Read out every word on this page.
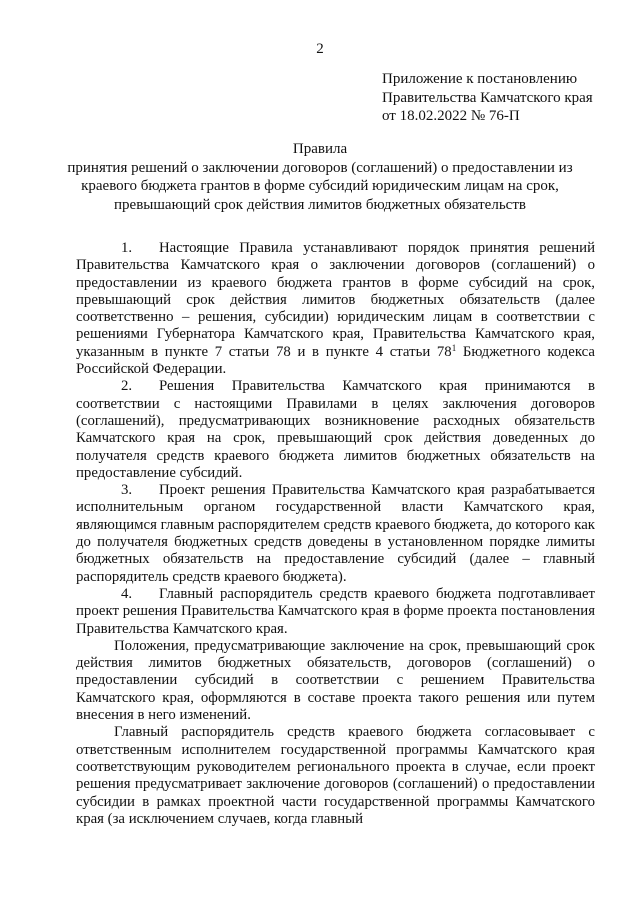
2
Приложение к постановлению
Правительства Камчатского края
от 18.02.2022 № 76-П
Правила
принятия решений о заключении договоров (соглашений) о предоставлении из краевого бюджета грантов в форме субсидий юридическим лицам на срок, превышающий срок действия лимитов бюджетных обязательств

1. Настоящие Правила устанавливают порядок принятия решений Правительства Камчатского края о заключении договоров (соглашений) о предоставлении из краевого бюджета грантов в форме субсидий на срок, превышающий срок действия лимитов бюджетных обязательств (далее соответственно – решения, субсидии) юридическим лицам в соответствии с решениями Губернатора Камчатского края, Правительства Камчатского края, указанным в пункте 7 статьи 78 и в пункте 4 статьи $78^1$ Бюджетного кодекса Российской Федерации.

2. Решения Правительства Камчатского края принимаются в соответствии с настоящими Правилами в целях заключения договоров (соглашений), предусматривающих возникновение расходных обязательств Камчатского края на срок, превышающий срок действия доведенных до получателя средств краевого бюджета лимитов бюджетных обязательств на предоставление субсидий.

3. Проект решения Правительства Камчатского края разрабатывается исполнительным органом государственной власти Камчатского края, являющимся главным распорядителем средств краевого бюджета, до которого как до получателя бюджетных средств доведены в установленном порядке лимиты бюджетных обязательств на предоставление субсидий (далее – главный распорядитель средств краевого бюджета).

4. Главный распорядитель средств краевого бюджета подготавливает проект решения Правительства Камчатского края в форме проекта постановления Правительства Камчатского края.

Положения, предусматривающие заключение на срок, превышающий срок действия лимитов бюджетных обязательств, договоров (соглашений) о предоставлении субсидий в соответствии с решением Правительства Камчатского края, оформляются в составе проекта такого решения или путем внесения в него изменений.

Главный распорядитель средств краевого бюджета согласовывает с ответственным исполнителем государственной программы Камчатского края соответствующим руководителем регионального проекта в случае, если проект решения предусматривает заключение договоров (соглашений) о предоставлении субсидии в рамках проектной части государственной программы Камчатского края (за исключением случаев, когда главный
